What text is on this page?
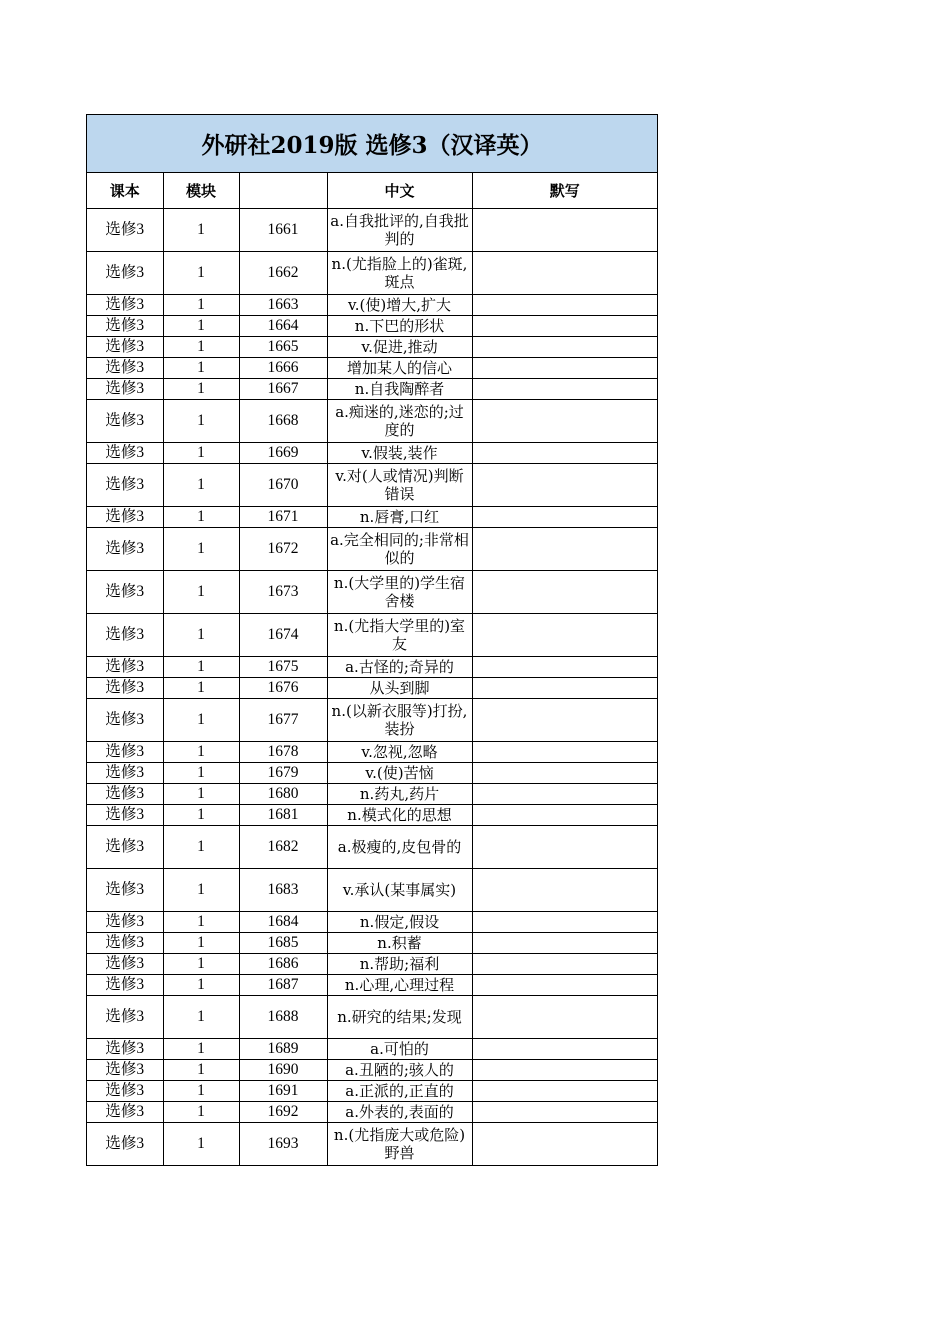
外研社2019版 选修3（汉译英）
课本	模块		中文	默写
选修3	1	1661	a.自我批评的,自我批判的	
选修3	1	1662	n.(尤指脸上的)雀斑,斑点	
选修3	1	1663	v.(使)增大,扩大	
选修3	1	1664	n.下巴的形状	
选修3	1	1665	v.促进,推动	
选修3	1	1666	增加某人的信心	
选修3	1	1667	n.自我陶醉者	
选修3	1	1668	a.痴迷的,迷恋的;过度的	
选修3	1	1669	v.假装,装作	
选修3	1	1670	v.对(人或情况)判断错误	
选修3	1	1671	n.唇膏,口红	
选修3	1	1672	a.完全相同的;非常相似的	
选修3	1	1673	n.(大学里的)学生宿舍楼	
选修3	1	1674	n.(尤指大学里的)室友	
选修3	1	1675	a.古怪的;奇异的	
选修3	1	1676	从头到脚	
选修3	1	1677	n.(以新衣服等)打扮,装扮	
选修3	1	1678	v.忽视,忽略	
选修3	1	1679	v.(使)苦恼	
选修3	1	1680	n.药丸,药片	
选修3	1	1681	n.模式化的思想	
选修3	1	1682	a.极瘦的,皮包骨的	
选修3	1	1683	v.承认(某事属实)	
选修3	1	1684	n.假定,假设	
选修3	1	1685	n.积蓄	
选修3	1	1686	n.帮助;福利	
选修3	1	1687	n.心理,心理过程	
选修3	1	1688	n.研究的结果;发现	
选修3	1	1689	a.可怕的	
选修3	1	1690	a.丑陋的;骇人的	
选修3	1	1691	a.正派的,正直的	
选修3	1	1692	a.外表的,表面的	
选修3	1	1693	n.(尤指庞大或危险)野兽	
